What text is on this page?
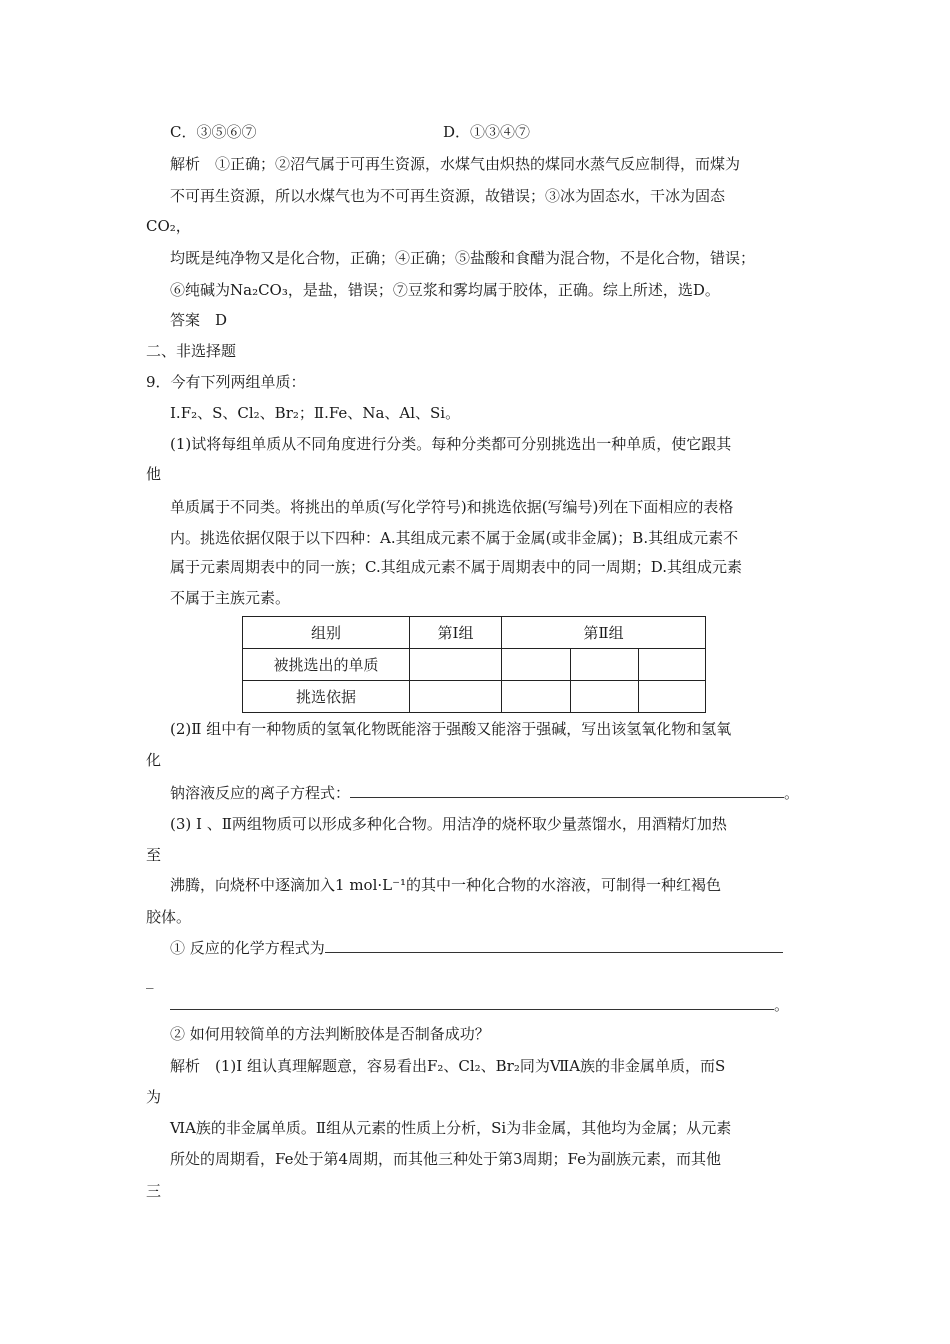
C．③⑤⑥⑦	D．①③④⑦
解析　①正确；②沼气属于可再生资源，水煤气由炽热的煤同水蒸气反应制得，而煤为
不可再生资源，所以水煤气也为不可再生资源，故错误；③冰为固态水，干冰为固态
CO₂，
均既是纯净物又是化合物，正确；④正确；⑤盐酸和食醋为混合物，不是化合物，错误；
⑥纯碱为Na₂CO₃，是盐，错误；⑦豆浆和雾均属于胶体，正确。综上所述，选D。
答案　D
二、非选择题
9．今有下列两组单质：
Ⅰ.F₂、S、Cl₂、Br₂；Ⅱ.Fe、Na、Al、Si。
(1)试将每组单质从不同角度进行分类。每种分类都可分别挑选出一种单质，使它跟其
他
单质属于不同类。将挑出的单质(写化学符号)和挑选依据(写编号)列在下面相应的表格
内。挑选依据仅限于以下四种：A.其组成元素不属于金属(或非金属)；B.其组成元素不
属于元素周期表中的同一族；C.其组成元素不属于周期表中的同一周期；D.其组成元素
不属于主族元素。
组别	第Ⅰ组	第Ⅱ组		
被挑选出的单质				
挑选依据				
(2)Ⅱ 组中有一种物质的氢氧化物既能溶于强酸又能溶于强碱，写出该氢氧化物和氢氧
化
钠溶液反应的离子方程式：	。
(3) Ⅰ 、Ⅱ两组物质可以形成多种化合物。用洁净的烧杯取少量蒸馏水，用酒精灯加热
至
沸腾，向烧杯中逐滴加入1 mol·L⁻¹的其中一种化合物的水溶液，可制得一种红褐色
胶体。
① 反应的化学方程式为
_
。
② 如何用较简单的方法判断胶体是否制备成功？
解析　(1)Ⅰ 组认真理解题意，容易看出F₂、Cl₂、Br₂同为ⅦA族的非金属单质，而S
为
ⅥA族的非金属单质。Ⅱ组从元素的性质上分析，Si为非金属，其他均为金属；从元素
所处的周期看，Fe处于第4周期，而其他三种处于第3周期；Fe为副族元素，而其他
三
